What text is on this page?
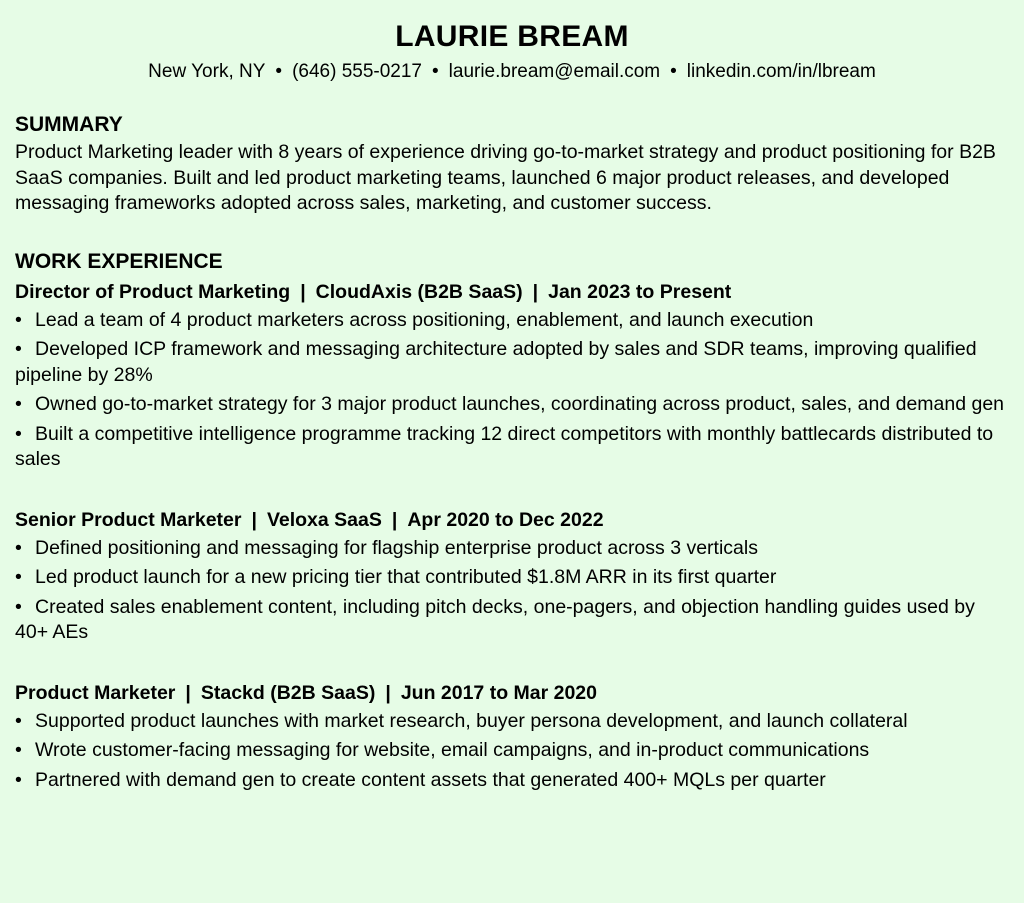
LAURIE BREAM
New York, NY • (646) 555-0217 • laurie.bream@email.com • linkedin.com/in/lbream
SUMMARY

Product Marketing leader with 8 years of experience driving go-to-market strategy and product positioning for B2B SaaS companies. Built and led product marketing teams, launched 6 major product releases, and developed messaging frameworks adopted across sales, marketing, and customer success.

WORK EXPERIENCE
Director of Product Marketing | CloudAxis (B2B SaaS) | Jan 2023 to Present
• Lead a team of 4 product marketers across positioning, enablement, and launch execution
• Developed ICP framework and messaging architecture adopted by sales and SDR teams, improving qualified pipeline by 28%
• Owned go-to-market strategy for 3 major product launches, coordinating across product, sales, and demand gen
• Built a competitive intelligence programme tracking 12 direct competitors with monthly battlecards distributed to sales
Senior Product Marketer | Veloxa SaaS | Apr 2020 to Dec 2022
• Defined positioning and messaging for flagship enterprise product across 3 verticals
• Led product launch for a new pricing tier that contributed $1.8M ARR in its first quarter
• Created sales enablement content, including pitch decks, one-pagers, and objection handling guides used by 40+ AEs
Product Marketer | Stackd (B2B SaaS) | Jun 2017 to Mar 2020
• Supported product launches with market research, buyer persona development, and launch collateral
• Wrote customer-facing messaging for website, email campaigns, and in-product communications
• Partnered with demand gen to create content assets that generated 400+ MQLs per quarter
